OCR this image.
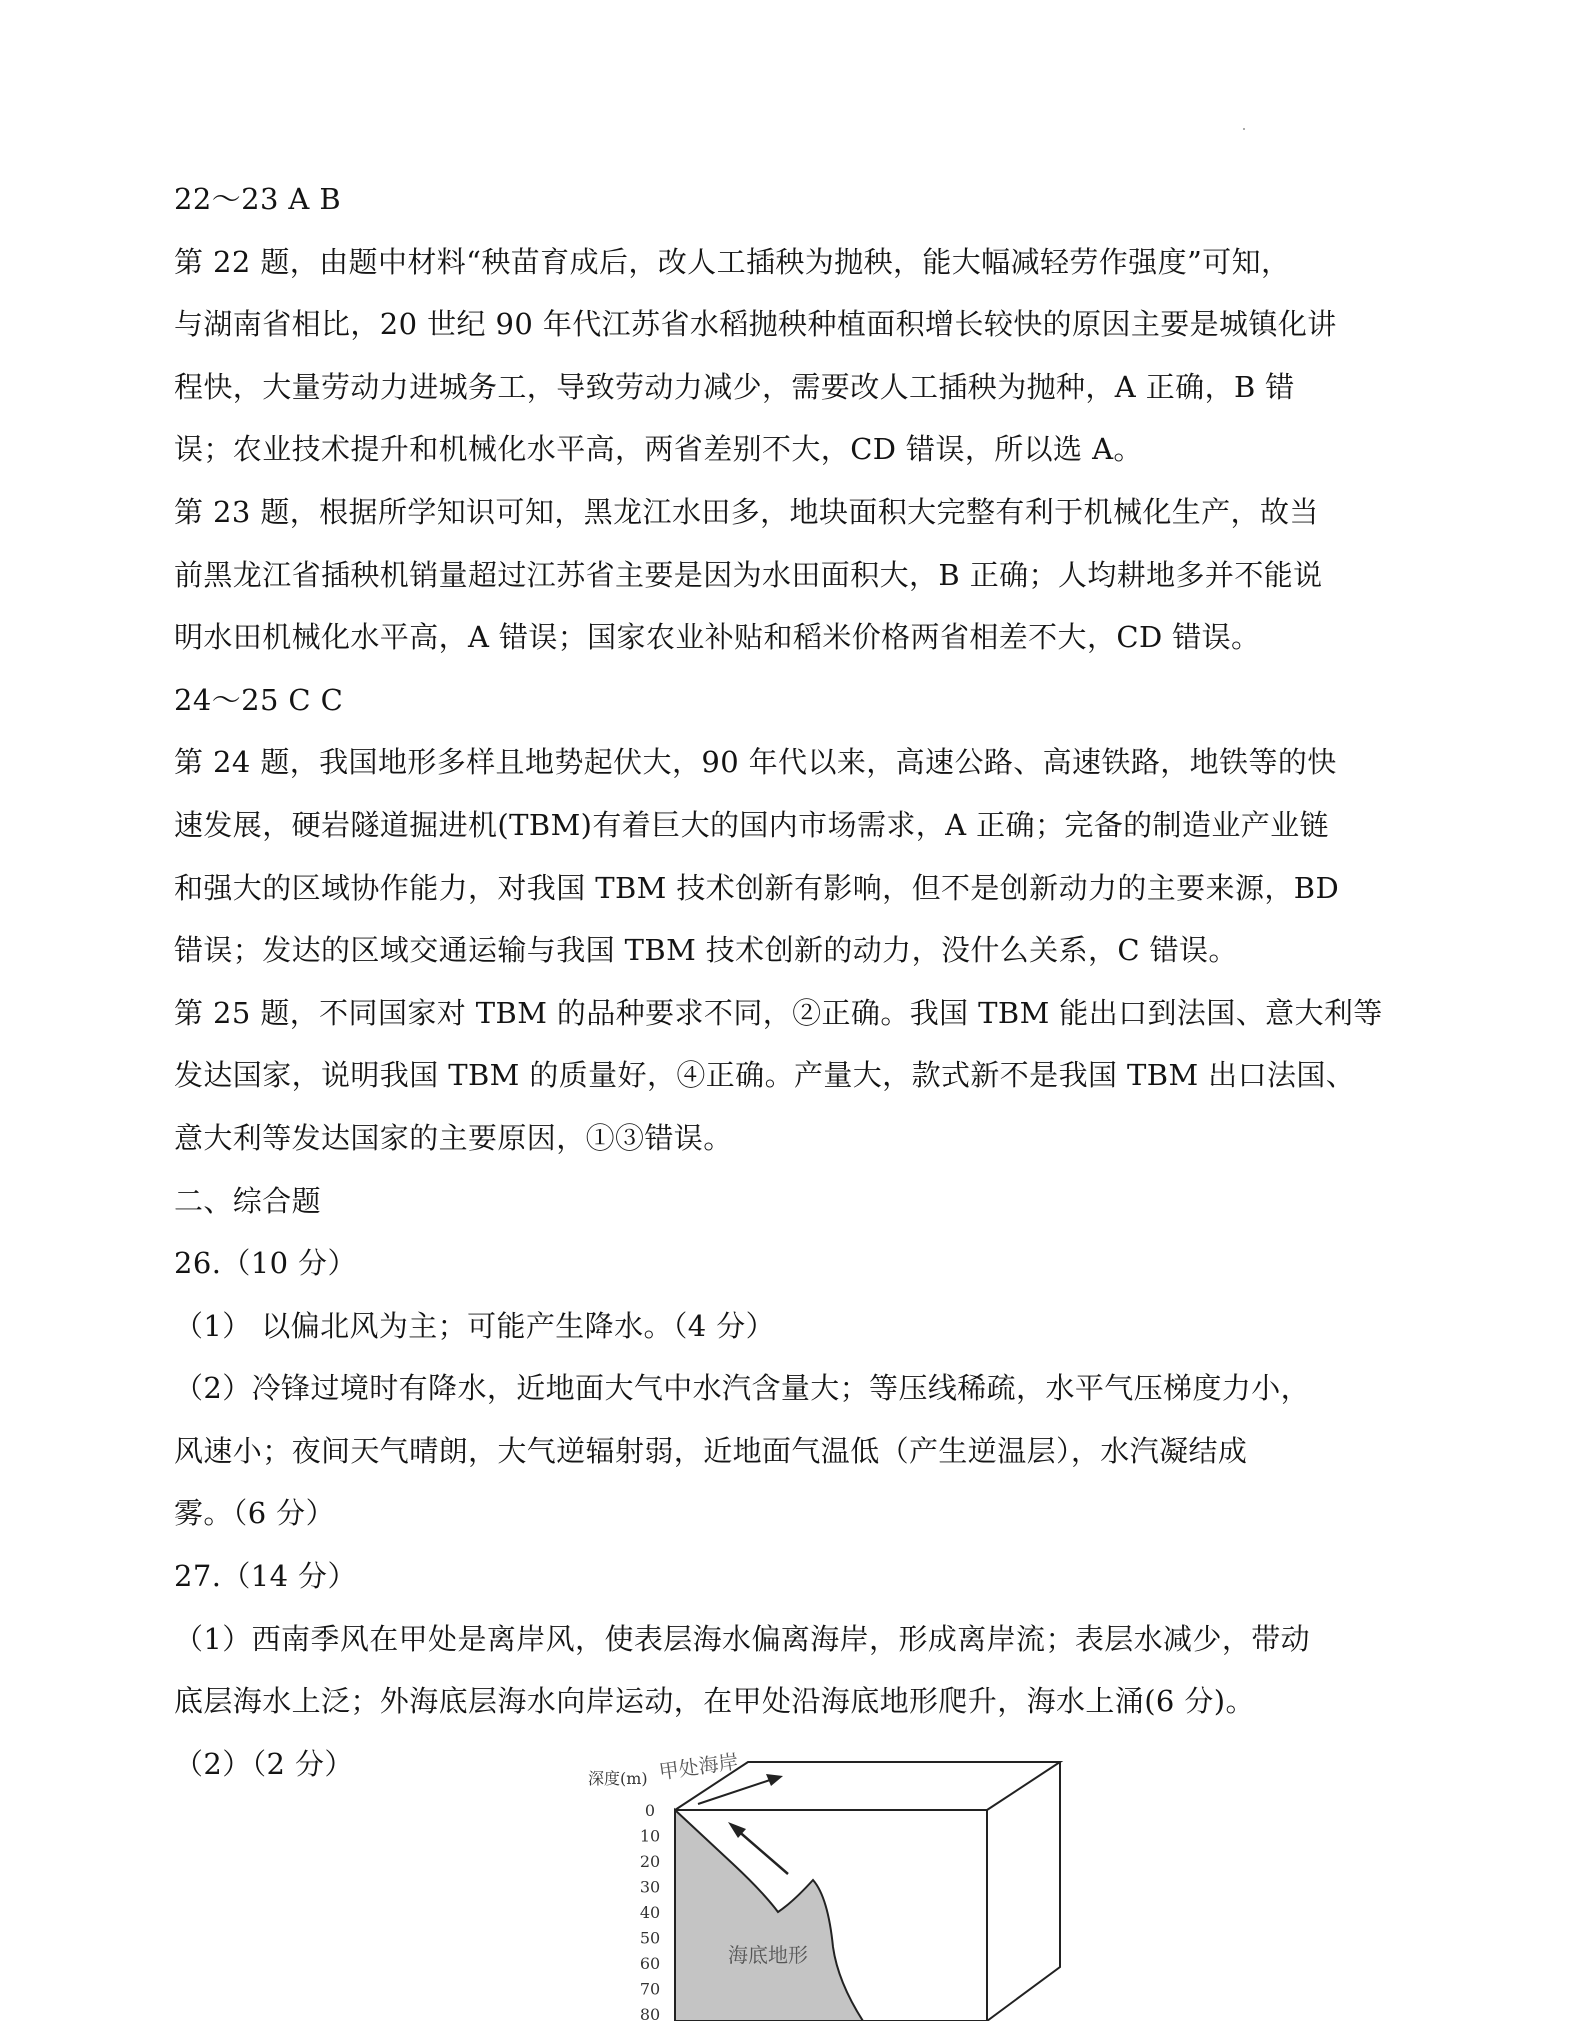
22～23 A B
第 22 题，由题中材料“秧苗育成后，改人工插秧为抛秧，能大幅减轻劳作强度”可知，
与湖南省相比，20 世纪 90 年代江苏省水稻抛秧种植面积增长较快的原因主要是城镇化讲
程快，大量劳动力进城务工，导致劳动力减少，需要改人工插秧为抛种，A 正确，B 错
误；农业技术提升和机械化水平高，两省差别不大，CD 错误，所以选 A。
第 23 题，根据所学知识可知，黑龙江水田多，地块面积大完整有利于机械化生产，故当
前黑龙江省插秧机销量超过江苏省主要是因为水田面积大，B 正确；人均耕地多并不能说
明水田机械化水平高，A 错误；国家农业补贴和稻米价格两省相差不大，CD 错误。
24～25 C C
第 24 题，我国地形多样且地势起伏大，90 年代以来，高速公路、高速铁路，地铁等的快
速发展，硬岩隧道掘进机(TBM)有着巨大的国内市场需求，A 正确；完备的制造业产业链
和强大的区域协作能力，对我国 TBM 技术创新有影响，但不是创新动力的主要来源，BD
错误；发达的区域交通运输与我国 TBM 技术创新的动力，没什么关系，C 错误。
第 25 题，不同国家对 TBM 的品种要求不同，②正确。我国 TBM 能出口到法国、意大利等
发达国家，说明我国 TBM 的质量好，④正确。产量大，款式新不是我国 TBM 出口法国、
意大利等发达国家的主要原因，①③错误。
二、综合题
26.（10 分）
（1） 以偏北风为主；可能产生降水。（4 分）
（2）冷锋过境时有降水，近地面大气中水汽含量大；等压线稀疏，水平气压梯度力小，
风速小；夜间天气晴朗，大气逆辐射弱，近地面气温低（产生逆温层），水汽凝结成
雾。（6 分）
27.（14 分）
（1）西南季风在甲处是离岸风，使表层海水偏离海岸，形成离岸流；表层水减少，带动
底层海水上泛；外海底层海水向岸运动，在甲处沿海底地形爬升，海水上涌(6 分)。
（2）（2 分）	深度(m) 甲处海岸
海底地形
0
10
20
30
40
50
60
70
80
